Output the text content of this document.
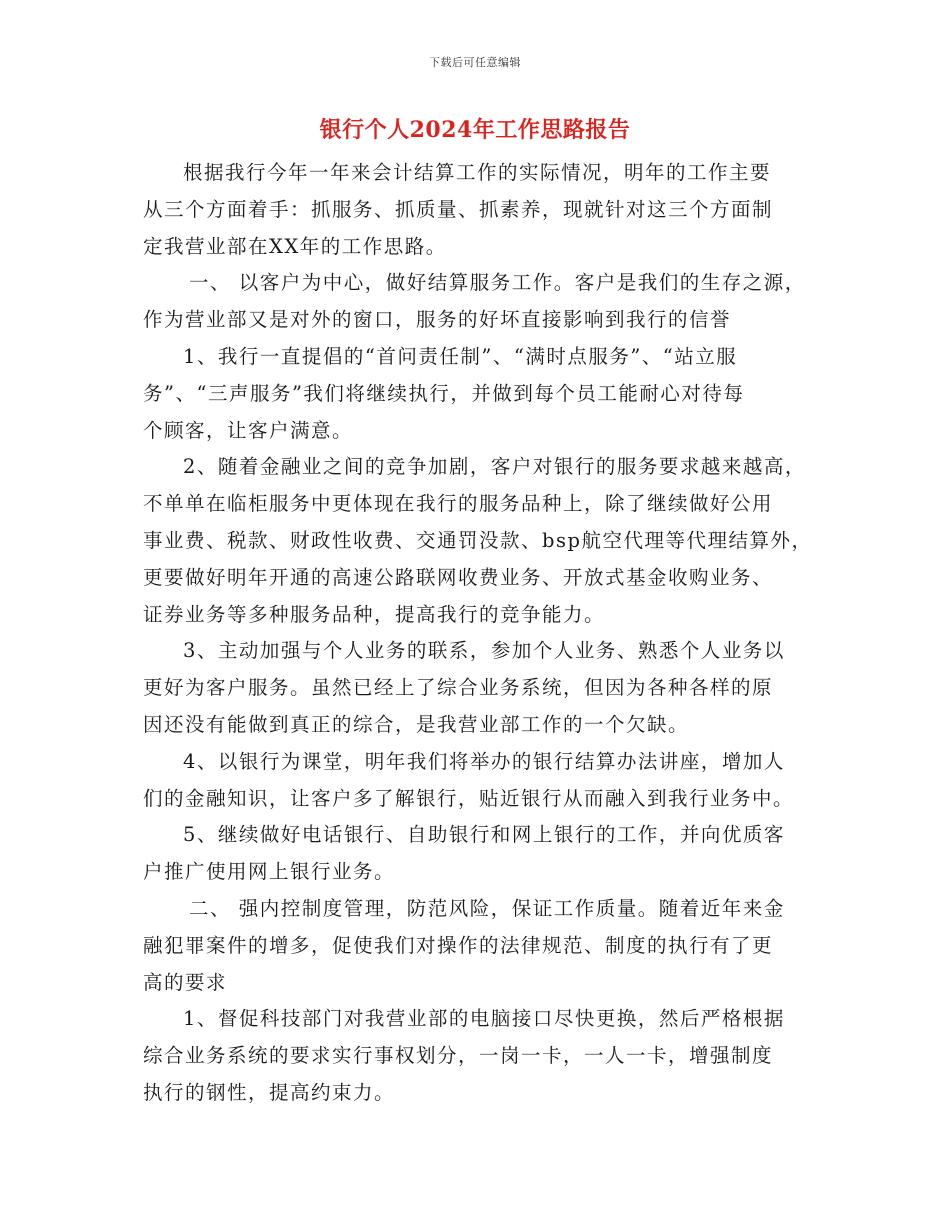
下载后可任意编辑
银行个人2024年工作思路报告
根据我行今年一年来会计结算工作的实际情况，明年的工作主要
从三个方面着手：抓服务、抓质量、抓素养，现就针对这三个方面制
定我营业部在XX年的工作思路。
一、 以客户为中心，做好结算服务工作。客户是我们的生存之源，
作为营业部又是对外的窗口，服务的好坏直接影响到我行的信誉
1、我行一直提倡的“首问责任制”、“满时点服务”、“站立服
务”、“三声服务”我们将继续执行，并做到每个员工能耐心对待每
个顾客，让客户满意。
2、随着金融业之间的竞争加剧，客户对银行的服务要求越来越高，
不单单在临柜服务中更体现在我行的服务品种上，除了继续做好公用
事业费、税款、财政性收费、交通罚没款、bsp航空代理等代理结算外，
更要做好明年开通的高速公路联网收费业务、开放式基金收购业务、
证券业务等多种服务品种，提高我行的竞争能力。
3、主动加强与个人业务的联系，参加个人业务、熟悉个人业务以
更好为客户服务。虽然已经上了综合业务系统，但因为各种各样的原
因还没有能做到真正的综合，是我营业部工作的一个欠缺。
4、以银行为课堂，明年我们将举办的银行结算办法讲座，增加人
们的金融知识，让客户多了解银行，贴近银行从而融入到我行业务中。
5、继续做好电话银行、自助银行和网上银行的工作，并向优质客
户推广使用网上银行业务。
二、 强内控制度管理，防范风险，保证工作质量。随着近年来金
融犯罪案件的增多，促使我们对操作的法律规范、制度的执行有了更
高的要求
1、督促科技部门对我营业部的电脑接口尽快更换，然后严格根据
综合业务系统的要求实行事权划分，一岗一卡，一人一卡，增强制度
执行的钢性，提高约束力。
